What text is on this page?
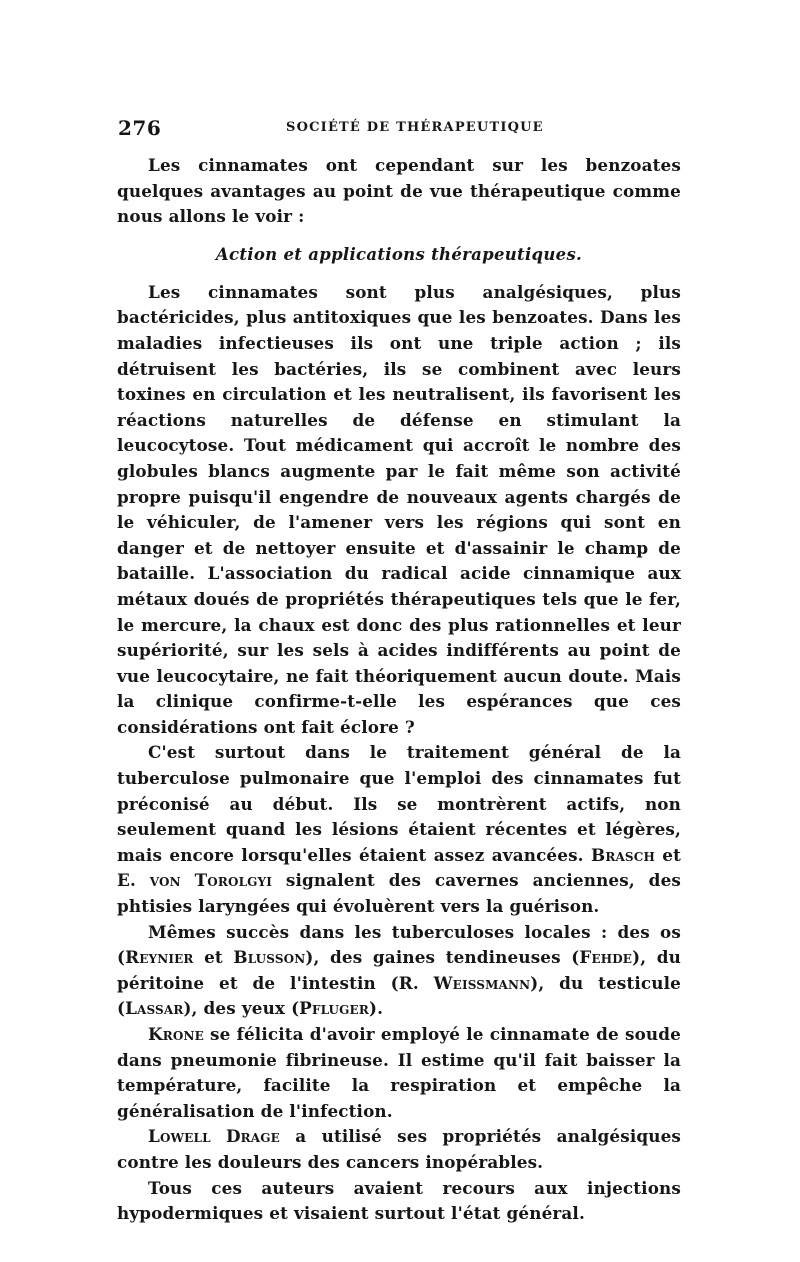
276	SOCIÉTÉ DE THÉRAPEUTIQUE

Les cinnamates ont cependant sur les benzoates quelques avantages au point de vue thérapeutique comme nous allons le voir :

Action et applications thérapeutiques.

Les cinnamates sont plus analgésiques, plus bactéricides, plus antitoxiques que les benzoates. Dans les maladies infectieuses ils ont une triple action ; ils détruisent les bactéries, ils se combinent avec leurs toxines en circulation et les neutralisent, ils favorisent les réactions naturelles de défense en stimulant la leucocytose. Tout médicament qui accroît le nombre des globules blancs augmente par le fait même son activité propre puisqu'il engendre de nouveaux agents chargés de le véhiculer, de l'amener vers les régions qui sont en danger et de nettoyer ensuite et d'assainir le champ de bataille. L'association du radical acide cinnamique aux métaux doués de propriétés thérapeutiques tels que le fer, le mercure, la chaux est donc des plus rationnelles et leur supériorité, sur les sels à acides indifférents au point de vue leucocytaire, ne fait théoriquement aucun doute. Mais la clinique confirme-t-elle les espérances que ces considérations ont fait éclore ?

C'est surtout dans le traitement général de la tuberculose pulmonaire que l'emploi des cinnamates fut préconisé au début. Ils se montrèrent actifs, non seulement quand les lésions étaient récentes et légères, mais encore lorsqu'elles étaient assez avancées. Brasch et E. von Torolgyi signalent des cavernes anciennes, des phtisies laryngées qui évoluèrent vers la guérison.

Mêmes succès dans les tuberculoses locales : des os (Reynier et Blusson), des gaines tendineuses (Fehde), du péritoine et de l'intestin (R. Weissmann), du testicule (Lassar), des yeux (Pfluger).

Krone se félicita d'avoir employé le cinnamate de soude dans pneumonie fibrineuse. Il estime qu'il fait baisser la température, facilite la respiration et empêche la généralisation de l'infection.

Lowell Drage a utilisé ses propriétés analgésiques contre les douleurs des cancers inopérables.

Tous ces auteurs avaient recours aux injections hypodermiques et visaient surtout l'état général.
